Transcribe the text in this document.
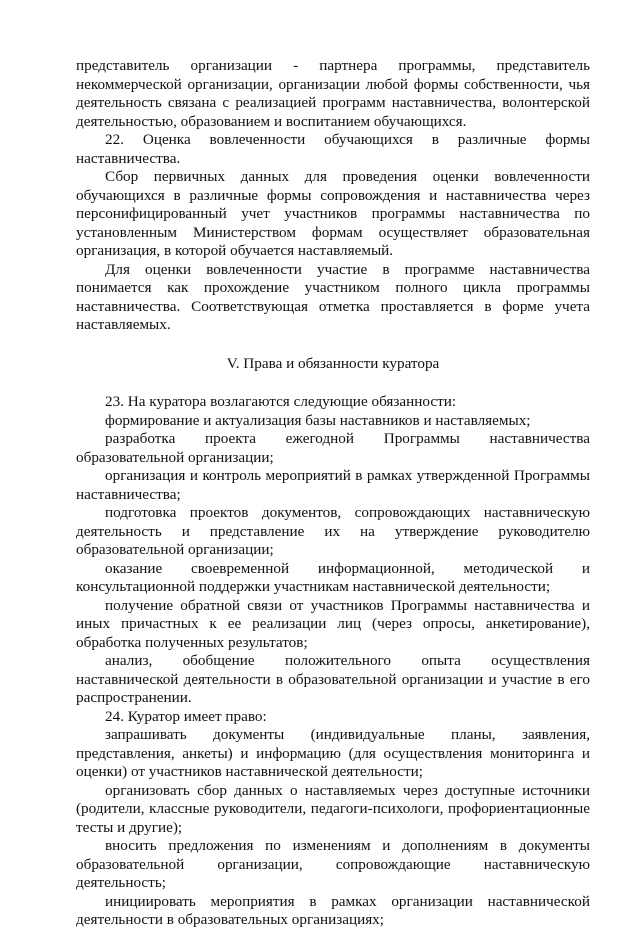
представитель организации - партнера программы, представитель некоммерческой организации, организации любой формы собственности, чья деятельность связана с реализацией программ наставничества, волонтерской деятельностью, образованием и воспитанием обучающихся.

22. Оценка вовлеченности обучающихся в различные формы наставничества.

Сбор первичных данных для проведения оценки вовлеченности обучающихся в различные формы сопровождения и наставничества через персонифицированный учет участников программы наставничества по установленным Министерством формам осуществляет образовательная организация, в которой обучается наставляемый.

Для оценки вовлеченности участие в программе наставничества понимается как прохождение участником полного цикла программы наставничества. Соответствующая отметка проставляется в форме учета наставляемых.

V. Права и обязанности куратора

23. На куратора возлагаются следующие обязанности:

формирование и актуализация базы наставников и наставляемых;

разработка проекта ежегодной Программы наставничества образовательной организации;

организация и контроль мероприятий в рамках утвержденной Программы наставничества;

подготовка проектов документов, сопровождающих наставническую деятельность и представление их на утверждение руководителю образовательной организации;

оказание своевременной информационной, методической и консультационной поддержки участникам наставнической деятельности;

получение обратной связи от участников Программы наставничества и иных причастных к ее реализации лиц (через опросы, анкетирование), обработка полученных результатов;

анализ, обобщение положительного опыта осуществления наставнической деятельности в образовательной организации и участие в его распространении.

24. Куратор имеет право:

запрашивать документы (индивидуальные планы, заявления, представления, анкеты) и информацию (для осуществления мониторинга и оценки) от участников наставнической деятельности;

организовать сбор данных о наставляемых через доступные источники (родители, классные руководители, педагоги-психологи, профориентационные тесты и другие);

вносить предложения по изменениям и дополнениям в документы образовательной организации, сопровождающие наставническую деятельность;

инициировать мероприятия в рамках организации наставнической деятельности в образовательных организациях;
